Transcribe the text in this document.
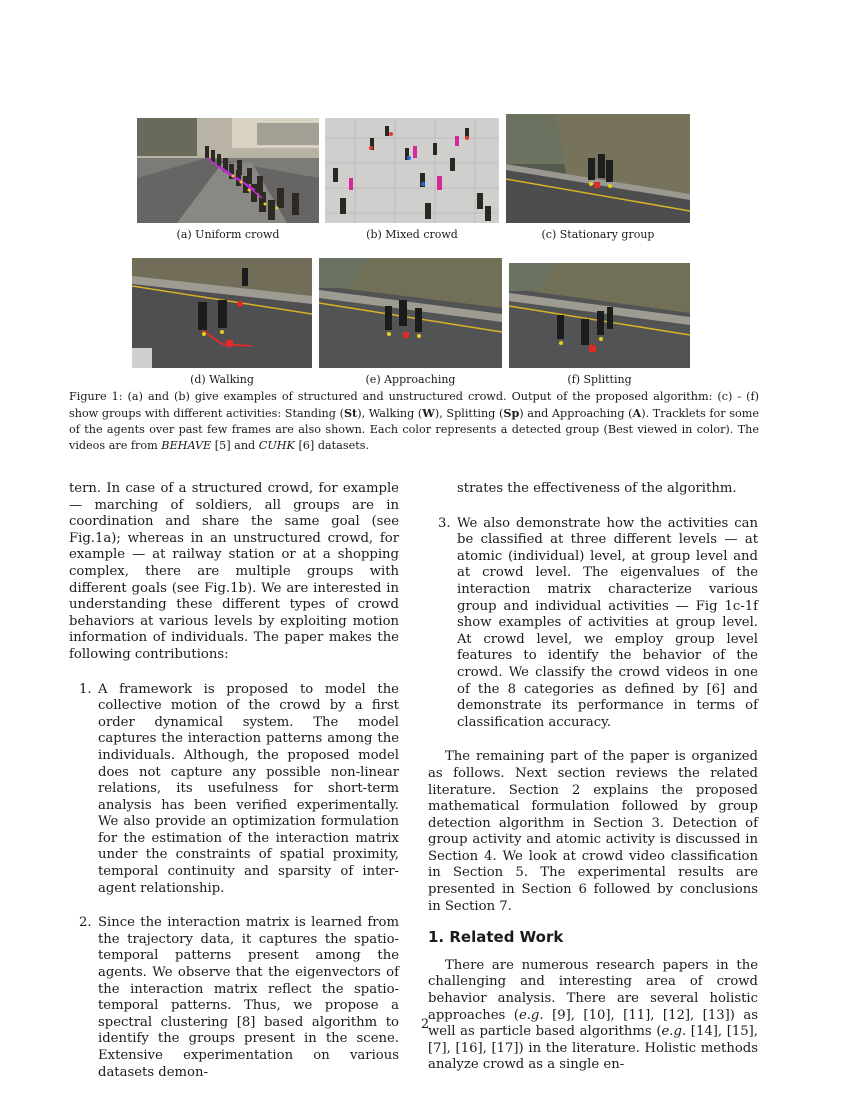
(a) Uniform crowd	(b) Mixed crowd	(c) Stationary group
(d) Walking	(e) Approaching	(f) Splitting
Figure 1: (a) and (b) give examples of structured and unstructured crowd. Output of the proposed algorithm: (c) - (f) show groups with different activities: Standing (St), Walking (W), Splitting (Sp) and Approaching (A). Tracklets for some of the agents over past few frames are also shown. Each color represents a detected group (Best viewed in color). The videos are from BEHAVE [5] and CUHK [6] datasets.

tern. In case of a structured crowd, for example — marching of soldiers, all groups are in coordination and share the same goal (see Fig.1a); whereas in an unstructured crowd, for example — at railway station or at a shopping complex, there are multiple groups with different goals (see Fig.1b). We are interested in understanding these different types of crowd behaviors at various levels by exploiting motion information of individuals. The paper makes the following contributions:

1. A framework is proposed to model the collective motion of the crowd by a first order dynamical system. The model captures the interaction patterns among the individuals. Although, the proposed model does not capture any possible non-linear relations, its usefulness for short-term analysis has been verified experimentally. We also provide an optimization formulation for the estimation of the interaction matrix under the constraints of spatial proximity, temporal continuity and sparsity of inter-agent relationship.

2. Since the interaction matrix is learned from the trajectory data, it captures the spatio-temporal patterns present among the agents. We observe that the eigenvectors of the interaction matrix reflect the spatio-temporal patterns. Thus, we propose a spectral clustering [8] based algorithm to identify the groups present in the scene. Extensive experimentation on various datasets demon-

strates the effectiveness of the algorithm.

3. We also demonstrate how the activities can be classified at three different levels — at atomic (individual) level, at group level and at crowd level. The eigenvalues of the interaction matrix characterize various group and individual activities — Fig 1c-1f show examples of activities at group level. At crowd level, we employ group level features to identify the behavior of the crowd. We classify the crowd videos in one of the 8 categories as defined by [6] and demonstrate its performance in terms of classification accuracy.

The remaining part of the paper is organized as follows. Next section reviews the related literature. Section 2 explains the proposed mathematical formulation followed by group detection algorithm in Section 3. Detection of group activity and atomic activity is discussed in Section 4. We look at crowd video classification in Section 5. The experimental results are presented in Section 6 followed by conclusions in Section 7.

1. Related Work

There are numerous research papers in the challenging and interesting area of crowd behavior analysis. There are several holistic approaches (e.g. [9], [10], [11], [12], [13]) as well as particle based algorithms (e.g. [14], [15], [7], [16], [17]) in the literature. Holistic methods analyze crowd as a single en-

2
